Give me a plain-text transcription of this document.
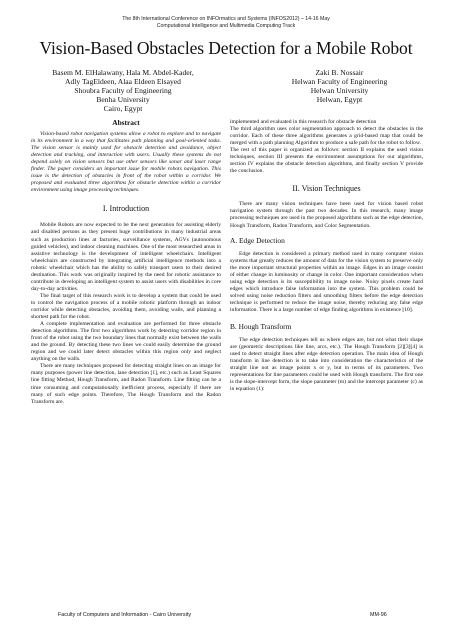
The 8th International Conference on INFOrmatics and Systems (INFOS2012) – 14-16 May
Computational Intelligence and Multimedia Computing Track
Vision-Based Obstacles Detection for a Mobile Robot
Basem M. ElHalawany, Hala M. Abdel-Kader,
Adly TagEldeen, Alaa Eldeen Elsayed
Shoubra Faculty of Engineering
Benha University
Cairo, Egypt
Zaki B. Nossair
Helwan Faculty of Engineering
Helwan University
Helwan, Egypt
Abstract

Vision-based robot navigation systems allow a robot to explore and to navigate in its environment in a way that facilitates path planning and goal-oriented tasks. The vision sensor is mainly used for obstacle detection and avoidance, object detection and tracking, and interaction with users. Usually these systems do not depend solely on vision sensors but use other sensors like sonar and laser range finder. The paper considers an important issue for mobile robots navigation. This issue is the detection of obstacles in front of the robot within a corridor. We proposed and evaluated three algorithms for obstacle detection within a corridor environment using image processing techniques.

I. Introduction

Mobile Robots are now expected to be the next generation for assisting elderly and disabled persons as they present huge contributions in many industrial areas such as production lines at factories, surveillance systems, AGVs (autonomous guided vehicles), and indoor cleaning machines. One of the most researched areas in assistive technology is the development of intelligent wheelchairs. Intelligent wheelchairs are constructed by integrating artificial intelligence methods into a robotic wheelchair which has the ability to safely transport users to their desired destination. This work was originally inspired by the need for robotic assistance to contribute in developing an intelligent system to assist users with disabilities in core day-to-day activities.

The final target of this research work is to develop a system that could be used to control the navigation process of a mobile robotic platform through an indoor corridor while detecting obstacles, avoiding them, avoiding walls, and planning a shortest path for the robot.

A complete implementation and evaluation are performed for three obstacle detection algorithms. The first two algorithms work by detecting corridor region in front of the robot using the two boundary lines that normally exist between the walls and the ground. By detecting these two lines we could easily determine the ground region and we could later detect obstacles within this region only and neglect anything on the walls.

There are many techniques proposed for detecting straight lines on an image for many purposes (power line detection, lane detection [1], etc.) such as Least Squares line fitting Method, Hough Transform, and Radon Transform. Line fitting can be a time consuming and computationally inefficient process, especially if there are many of such edge points. Therefore, The Hough Transform and the Radon Transform are.

implemented and evaluated in this research for obstacle detection

The third algorithm uses color segmentation approach to detect the obstacles in the corridor. Each of these three algorithms generates a grid-based map that could be merged with a path planning Algorithm to produce a safe path for the robot to follow.

The rest of this paper is organized as follows: section II explains the used vision techniques, section III presents the environment assumptions for our algorithms, section IV explains the obstacle detection algorithms, and finally section V provide the conclusion.

II. Vision Techniques

There are many vision techniques have been used for vision based robot navigation system through the past two decades. In this research, many image processing techniques are used in the proposed algorithms such as the edge detection, Hough Transform, Radon Transform, and Color Segmentation.

A. Edge Detection

Edge detection is considered a primary method used in many computer vision systems that greatly reduces the amount of data for the vision system to preserve only the more important structural properties within an image. Edges in an image consist of either change in luminosity or change in color. One important consideration when using edge detection is its susceptibility to image noise. Noisy pixels create hard edges which introduce false information into the system. This problem could be solved using noise reduction filters and smoothing filters before the edge detection technique is performed to reduce the image noise, thereby reducing any false edge information. There is a large number of edge finding algorithms in existence [10].

B. Hough Transform

The edge detection techniques tell us where edges are, but not what their shape are (geometric descriptions like line, arcs, etc.). The Hough Transform [2][3][4] is used to detect straight lines after edge detection operation. The main idea of Hough transform in line detection is to take into consideration the characteristics of the straight line not as image points x or y, but in terms of its parameters. Two representations for line parameters could be used with Hough transform. The first one is the slope-intercept form, the slope parameter (m) and the intercept parameter (c) as in equation (1):

Faculty of Computers and Information - Cairo University	MM-96
